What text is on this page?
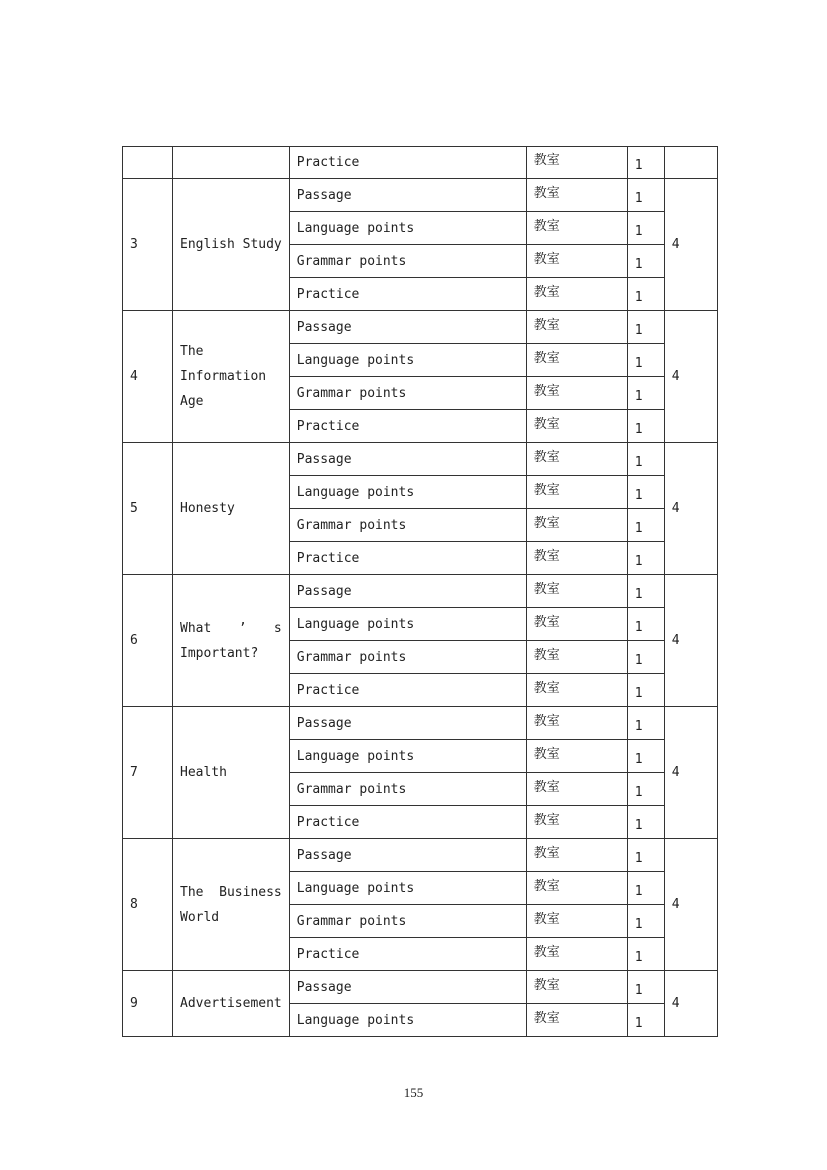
		Practice	教室	1	
3	English Study	Passage	教室	1	4
		Language points	教室	1	
		Grammar points	教室	1	
		Practice	教室	1	
4	The Information Age	Passage	教室	1	4
		Language points	教室	1	
		Grammar points	教室	1	
		Practice	教室	1	
5	Honesty	Passage	教室	1	4
		Language points	教室	1	
		Grammar points	教室	1	
		Practice	教室	1	
6	What ’ s Important?	Passage	教室	1	4
		Language points	教室	1	
		Grammar points	教室	1	
		Practice	教室	1	
7	Health	Passage	教室	1	4
		Language points	教室	1	
		Grammar points	教室	1	
		Practice	教室	1	
8	The Business World	Passage	教室	1	4
		Language points	教室	1	
		Grammar points	教室	1	
		Practice	教室	1	
9	Advertisement	Passage	教室	1	4
		Language points	教室	1	
155
